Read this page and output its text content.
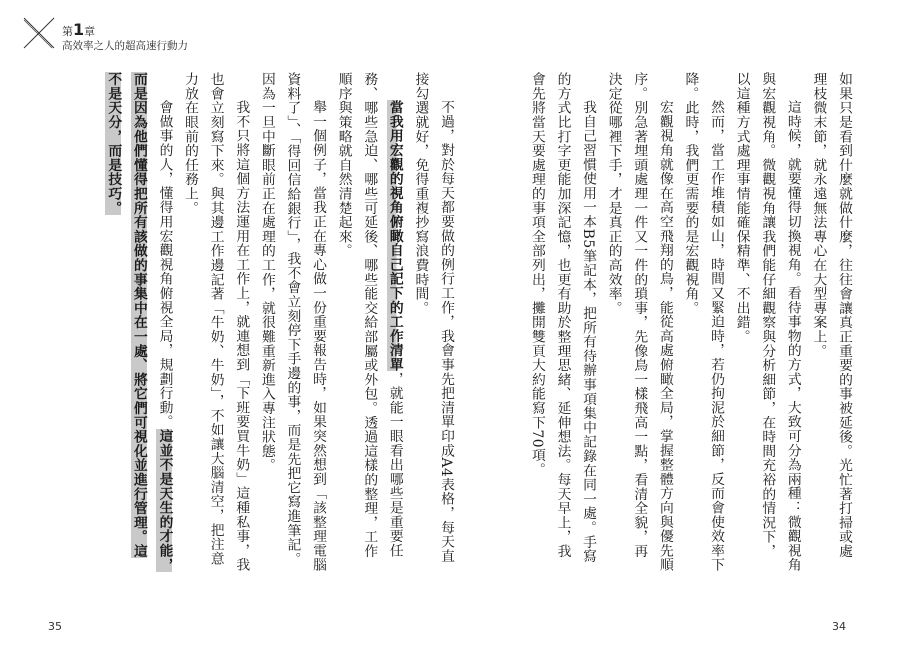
第1章
高效率之人的超高速行動力

如果只是看到什麼就做什麼，往往會讓真正重要的事被延後。光忙著打掃或處理枝微末節，就永遠無法專心在大型專案上。

這時候，就要懂得切換視角。看待事物的方式，大致可分為兩種：微觀視角與宏觀視角。微觀視角讓我們能仔細觀察與分析細節，在時間充裕的情況下，以這種方式處理事情能確保精準、不出錯。

然而，當工作堆積如山，時間又緊迫時，若仍拘泥於細節，反而會使效率下降。此時，我們更需要的是宏觀視角。

宏觀視角就像在高空飛翔的鳥，能從高處俯瞰全局，掌握整體方向與優先順序。別急著埋頭處理一件又一件的瑣事，先像鳥一樣飛高一點，看清全貌，再決定從哪裡下手，才是真正的高效率。

我自己習慣使用一本B5筆記本，把所有待辦事項集中記錄在同一處。手寫的方式比打字更能加深記憶，也更有助於整理思緒、延伸想法。每天早上，我會先將當天要處理的事項全部列出，攤開雙頁大約能寫下70項。

不過，對於每天都要做的例行工作，我會事先把清單印成A4表格，每天直接勾選就好，免得重複抄寫浪費時間。

當我用宏觀的視角俯瞰自己記下的工作清單，就能一眼看出哪些是重要任務、哪些急迫、哪些可延後、哪些能交給部屬或外包。透過這樣的整理，工作順序與策略就自然清楚起來。

舉一個例子，當我正在專心做一份重要報告時，如果突然想到「該整理電腦資料了」、「得回信給銀行」，我不會立刻停下手邊的事，而是先把它寫進筆記。因為一旦中斷眼前正在處理的工作，就很難重新進入專注狀態。

我不只將這個方法運用在工作上，就連想到「下班要買牛奶」這種私事，我也會立刻寫下來。與其邊工作邊記著「牛奶、牛奶」，不如讓大腦清空，把注意力放在眼前的任務上。

會做事的人，懂得用宏觀視角俯視全局，規劃行動。這並不是天生的才能，而是因為他們懂得把所有該做的事集中在一處、將它們可視化並進行管理。這不是天分，而是技巧。

35	34
